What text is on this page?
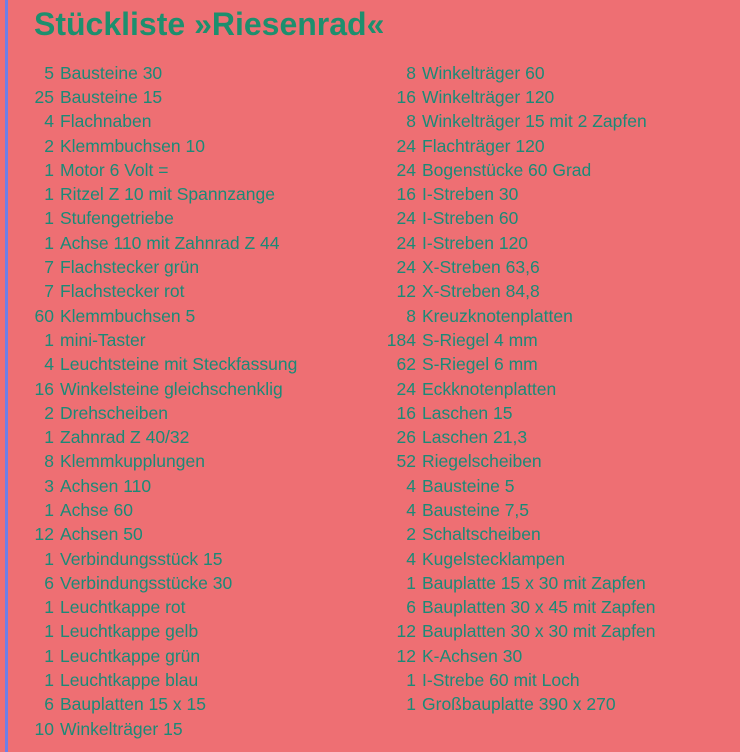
Stückliste »Riesenrad«
5 Bausteine 30
25 Bausteine 15
4 Flachnaben
2 Klemmbuchsen 10
1 Motor 6 Volt =
1 Ritzel Z 10 mit Spannzange
1 Stufengetriebe
1 Achse 110 mit Zahnrad Z 44
7 Flachstecker grün
7 Flachstecker rot
60 Klemmbuchsen 5
1 mini-Taster
4 Leuchtsteine mit Steckfassung
16 Winkelsteine gleichschenklig
2 Drehscheiben
1 Zahnrad Z 40/32
8 Klemmkupplungen
3 Achsen 110
1 Achse 60
12 Achsen 50
1 Verbindungsstück 15
6 Verbindungsstücke 30
1 Leuchtkappe rot
1 Leuchtkappe gelb
1 Leuchtkappe grün
1 Leuchtkappe blau
6 Bauplatten 15 x 15
10 Winkelträger 15
8 Winkelträger 60
16 Winkelträger 120
8 Winkelträger 15 mit 2 Zapfen
24 Flachträger 120
24 Bogenstücke 60 Grad
16 I-Streben 30
24 I-Streben 60
24 I-Streben 120
24 X-Streben 63,6
12 X-Streben 84,8
8 Kreuzknotenplatten
184 S-Riegel 4 mm
62 S-Riegel 6 mm
24 Eckknotenplatten
16 Laschen 15
26 Laschen 21,3
52 Riegelscheiben
4 Bausteine 5
4 Bausteine 7,5
2 Schaltscheiben
4 Kugelstecklampen
1 Bauplatte 15 x 30 mit Zapfen
6 Bauplatten 30 x 45 mit Zapfen
12 Bauplatten 30 x 30 mit Zapfen
12 K-Achsen 30
1 I-Strebe 60 mit Loch
1 Großbauplatte 390 x 270
